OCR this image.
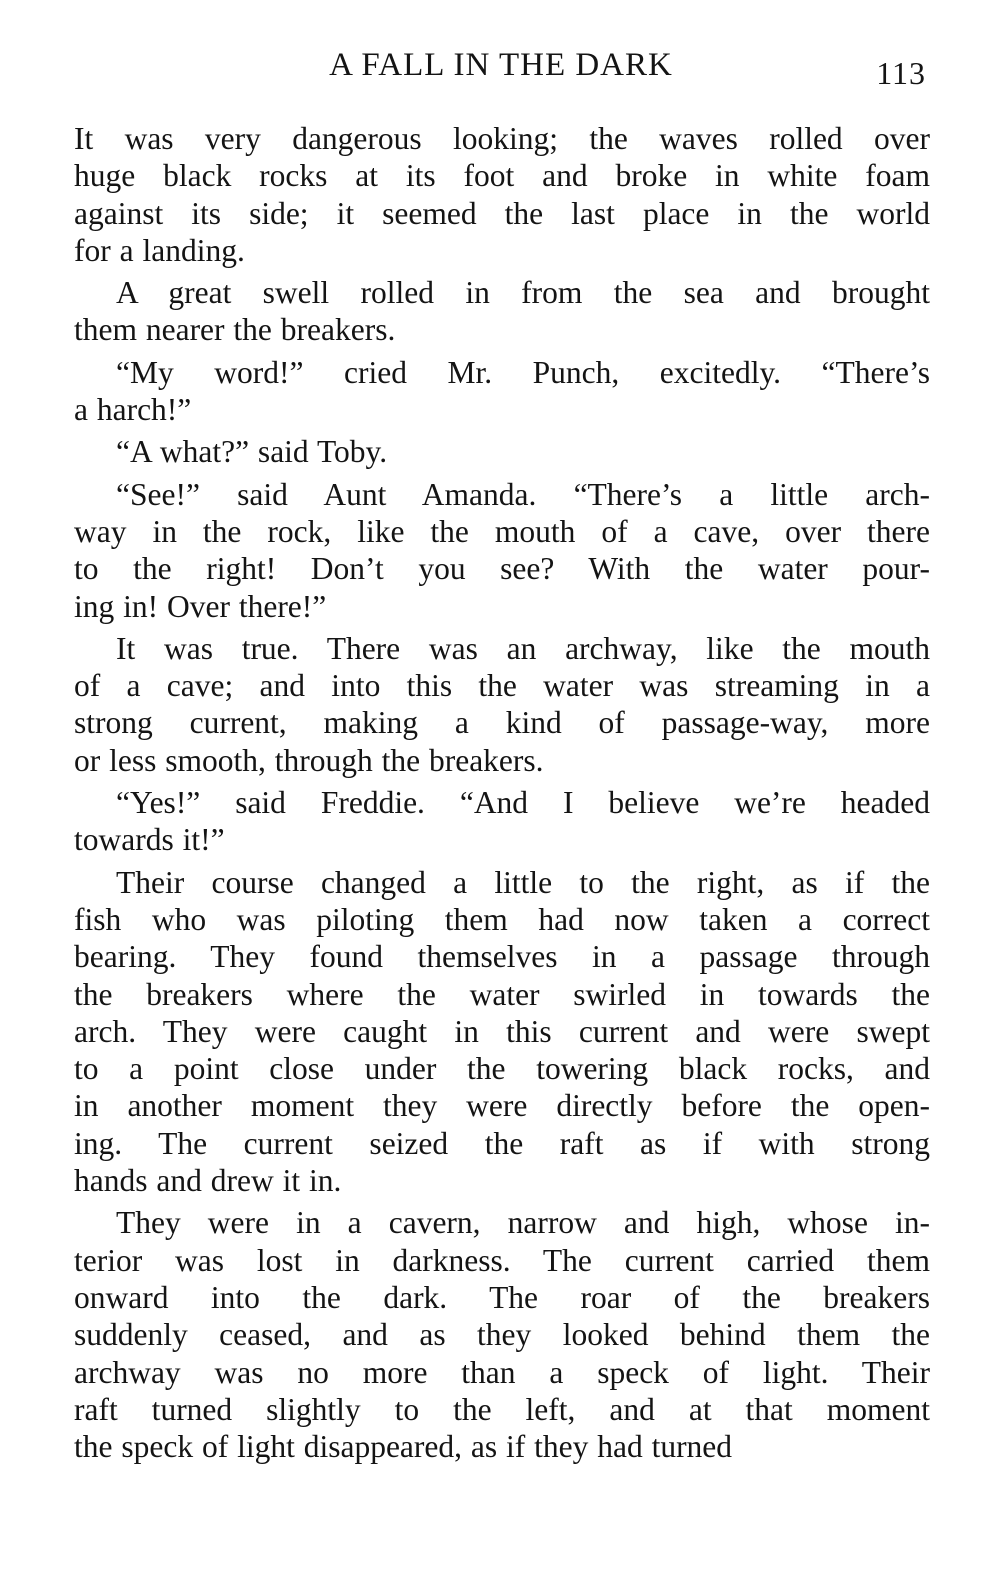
A FALL IN THE DARK	113
It was very dangerous looking; the waves rolled over
huge black rocks at its foot and broke in white foam
against its side; it seemed the last place in the world
for a landing.
A great swell rolled in from the sea and brought
them nearer the breakers.
“My word!” cried Mr. Punch, excitedly. “There’s
a harch!”
“A what?” said Toby.
“See!” said Aunt Amanda. “There’s a little arch-
way in the rock, like the mouth of a cave, over there
to the right! Don’t you see? With the water pour-
ing in! Over there!”
It was true. There was an archway, like the mouth
of a cave; and into this the water was streaming in a
strong current, making a kind of passage-way, more
or less smooth, through the breakers.
“Yes!” said Freddie. “And I believe we’re headed
towards it!”
Their course changed a little to the right, as if the
fish who was piloting them had now taken a correct
bearing. They found themselves in a passage through
the breakers where the water swirled in towards the
arch. They were caught in this current and were swept
to a point close under the towering black rocks, and
in another moment they were directly before the open-
ing. The current seized the raft as if with strong
hands and drew it in.
They were in a cavern, narrow and high, whose in-
terior was lost in darkness. The current carried them
onward into the dark. The roar of the breakers
suddenly ceased, and as they looked behind them the
archway was no more than a speck of light. Their
raft turned slightly to the left, and at that moment
the speck of light disappeared, as if they had turned
